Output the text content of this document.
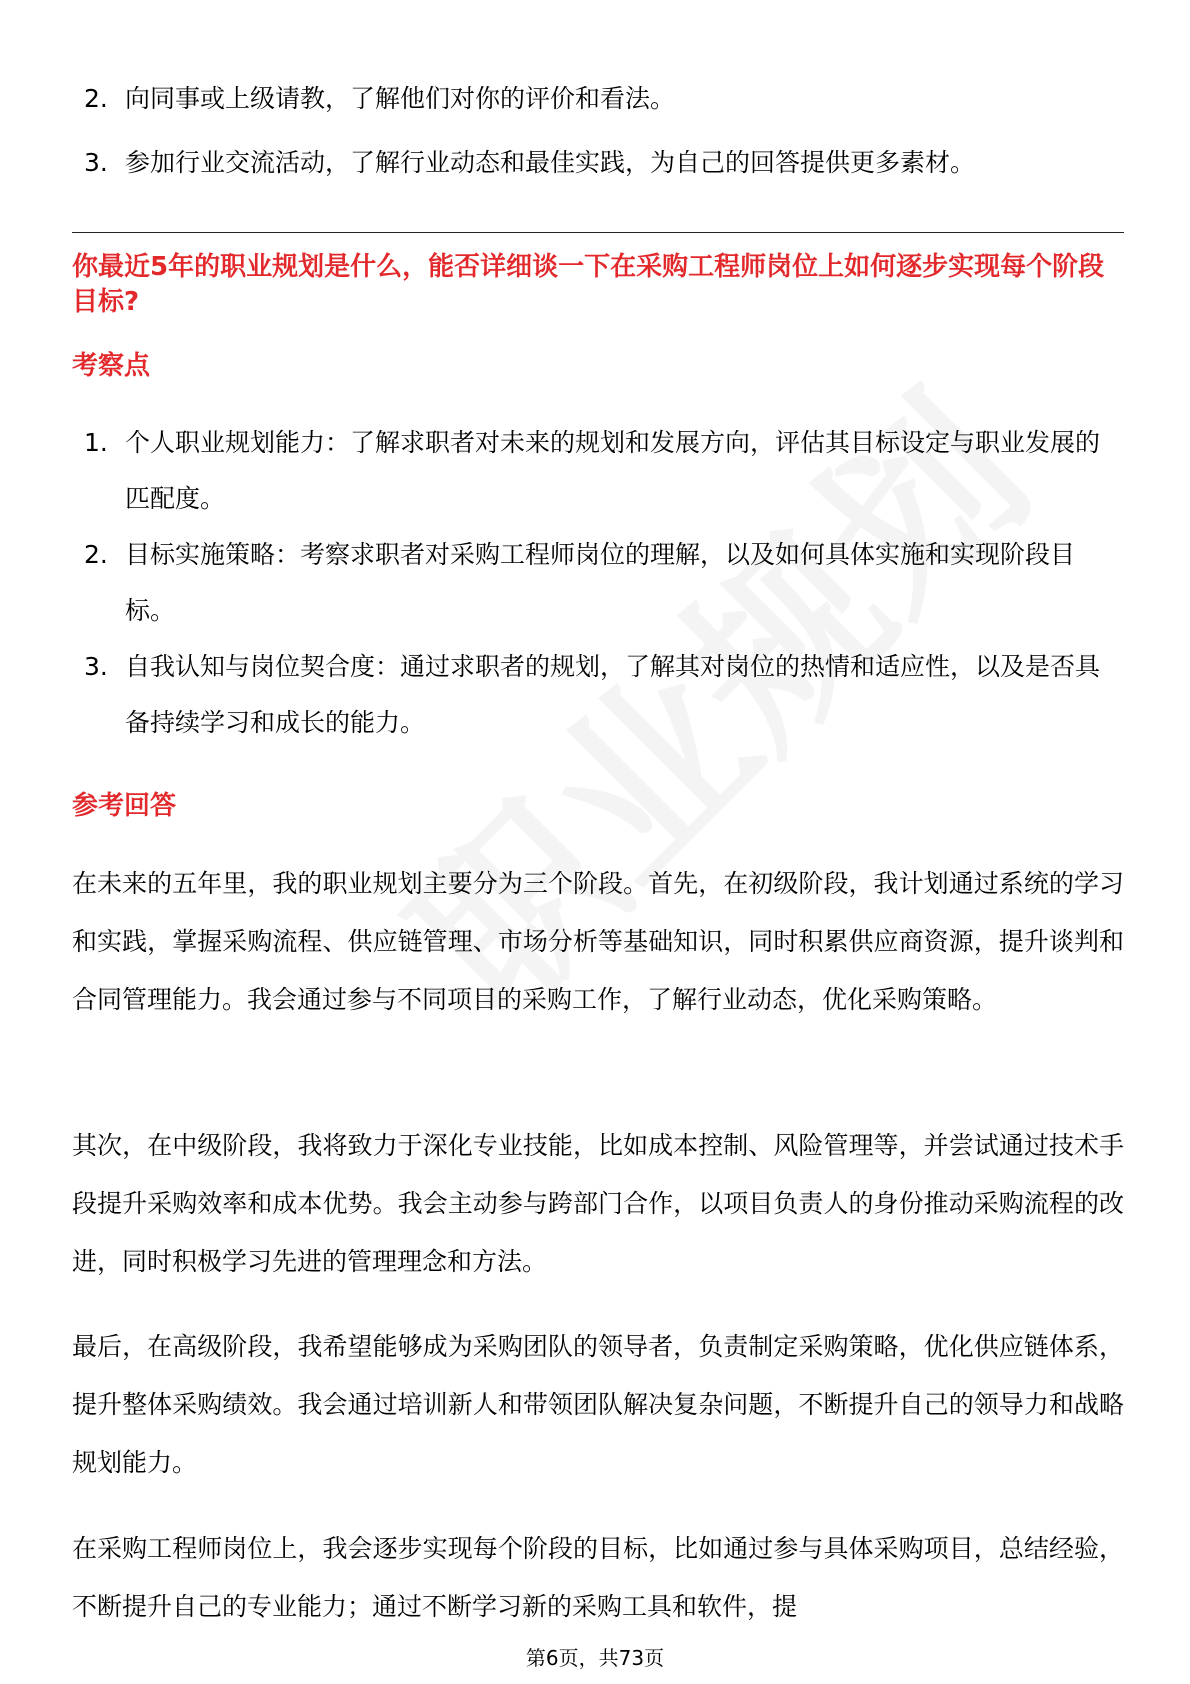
2. 向同事或上级请教，了解他们对你的评价和看法。
3. 参加行业交流活动，了解行业动态和最佳实践，为自己的回答提供更多素材。
你最近5年的职业规划是什么，能否详细谈一下在采购工程师岗位上如何逐步实现每个阶段目标?
考察点
1. 个人职业规划能力：了解求职者对未来的规划和发展方向，评估其目标设定与职业发展的匹配度。
2. 目标实施策略：考察求职者对采购工程师岗位的理解，以及如何具体实施和实现阶段目标。
3. 自我认知与岗位契合度：通过求职者的规划，了解其对岗位的热情和适应性，以及是否具备持续学习和成长的能力。
参考回答

在未来的五年里，我的职业规划主要分为三个阶段。首先，在初级阶段，我计划通过系统的学习和实践，掌握采购流程、供应链管理、市场分析等基础知识，同时积累供应商资源，提升谈判和合同管理能力。我会通过参与不同项目的采购工作，了解行业动态，优化采购策略。

其次，在中级阶段，我将致力于深化专业技能，比如成本控制、风险管理等，并尝试通过技术手段提升采购效率和成本优势。我会主动参与跨部门合作，以项目负责人的身份推动采购流程的改进，同时积极学习先进的管理理念和方法。

最后，在高级阶段，我希望能够成为采购团队的领导者，负责制定采购策略，优化供应链体系，提升整体采购绩效。我会通过培训新人和带领团队解决复杂问题，不断提升自己的领导力和战略规划能力。

在采购工程师岗位上，我会逐步实现每个阶段的目标，比如通过参与具体采购项目，总结经验，不断提升自己的专业能力；通过不断学习新的采购工具和软件，提

第6页，共73页
